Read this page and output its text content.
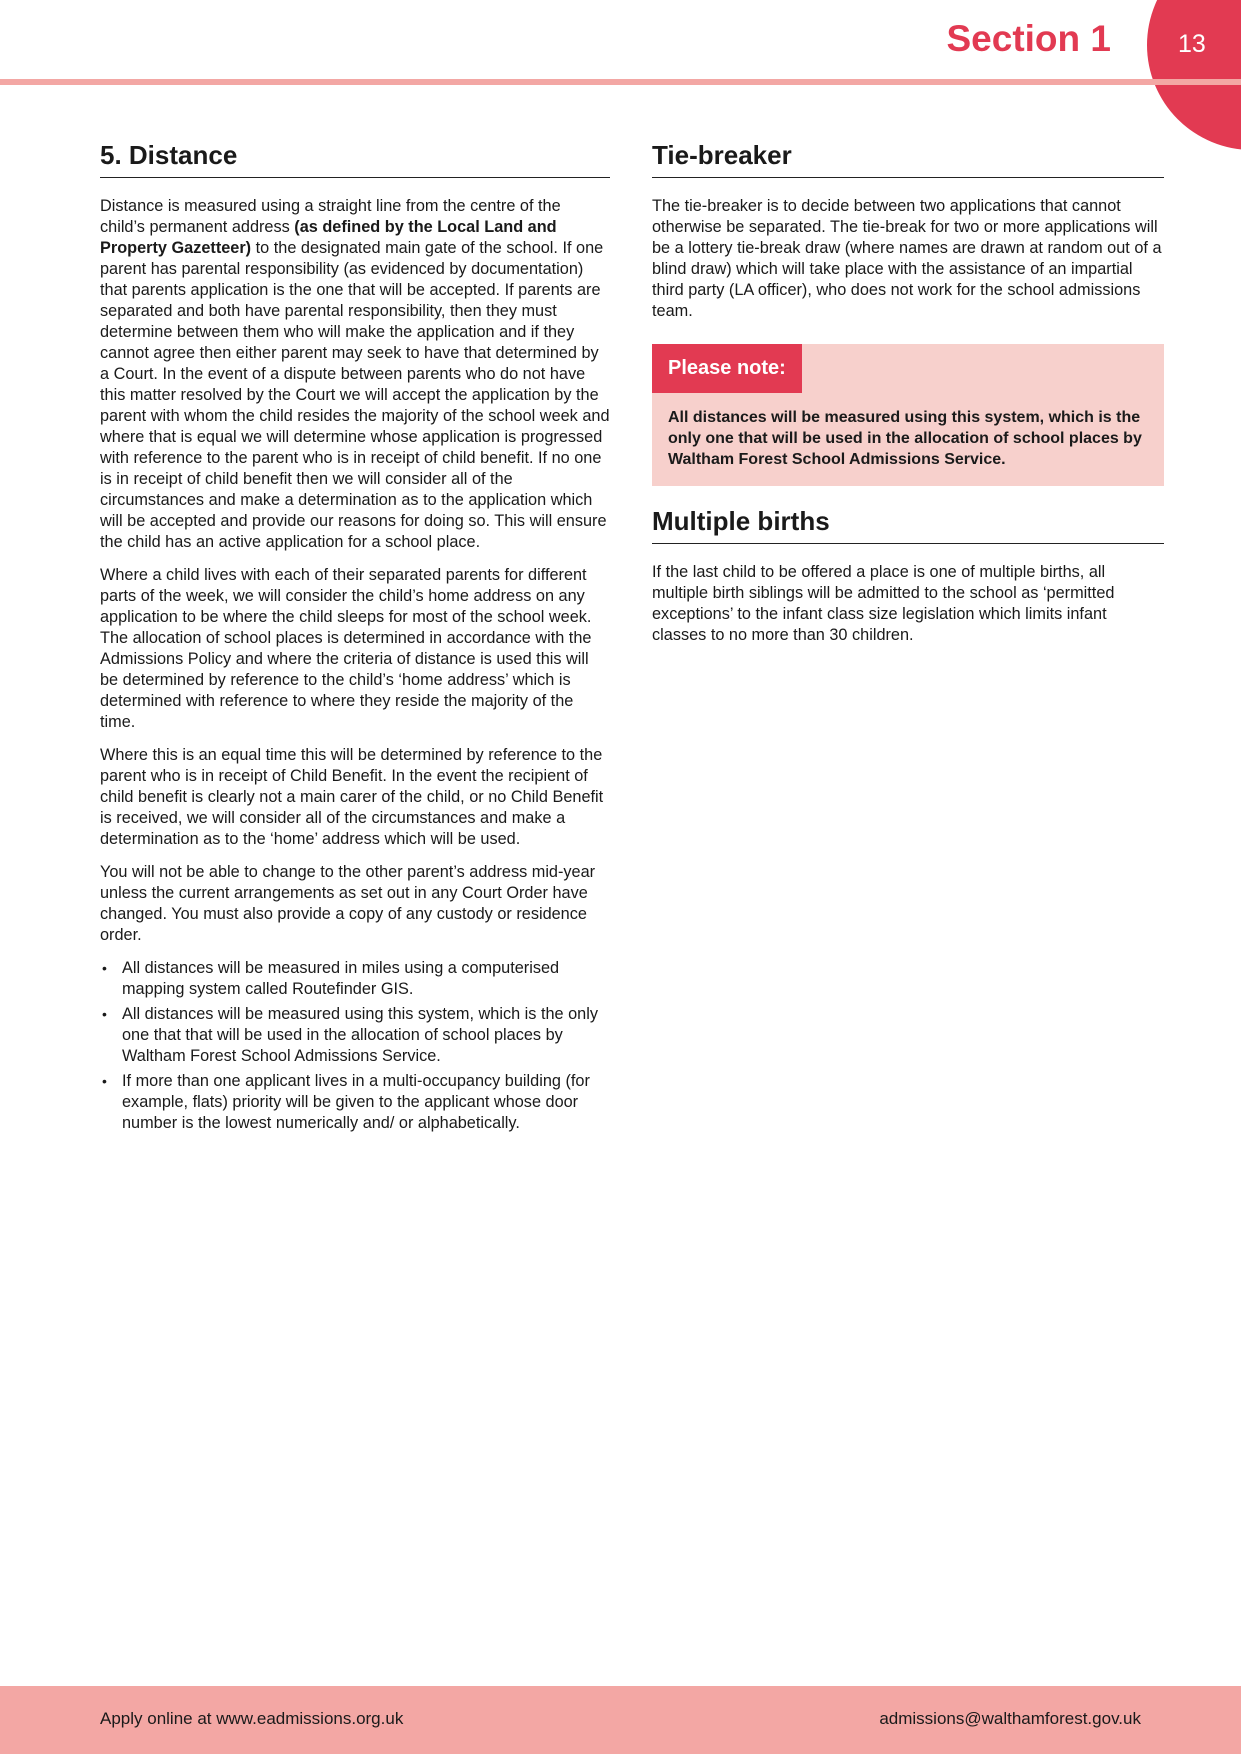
13
Section 1
5. Distance

Distance is measured using a straight line from the centre of the child’s permanent address (as defined by the Local Land and Property Gazetteer) to the designated main gate of the school. If one parent has parental responsibility (as evidenced by documentation) that parents application is the one that will be accepted. If parents are separated and both have parental responsibility, then they must determine between them who will make the application and if they cannot agree then either parent may seek to have that determined by a Court. In the event of a dispute between parents who do not have this matter resolved by the Court we will accept the application by the parent with whom the child resides the majority of the school week and where that is equal we will determine whose application is progressed with reference to the parent who is in receipt of child benefit. If no one is in receipt of child benefit then we will consider all of the circumstances and make a determination as to the application which will be accepted and provide our reasons for doing so. This will ensure the child has an active application for a school place.

Where a child lives with each of their separated parents for different parts of the week, we will consider the child’s home address on any application to be where the child sleeps for most of the school week. The allocation of school places is determined in accordance with the Admissions Policy and where the criteria of distance is used this will be determined by reference to the child’s ‘home address’ which is determined with reference to where they reside the majority of the time.

Where this is an equal time this will be determined by reference to the parent who is in receipt of Child Benefit. In the event the recipient of child benefit is clearly not a main carer of the child, or no Child Benefit is received, we will consider all of the circumstances and make a determination as to the ‘home’ address which will be used.

You will not be able to change to the other parent’s address mid-year unless the current arrangements as set out in any Court Order have changed. You must also provide a copy of any custody or residence order.

• All distances will be measured in miles using a computerised mapping system called Routefinder GIS.
• All distances will be measured using this system, which is the only one that that will be used in the allocation of school places by Waltham Forest School Admissions Service.
• If more than one applicant lives in a multi-occupancy building (for example, flats) priority will be given to the applicant whose door number is the lowest numerically and/ or alphabetically.
Tie-breaker

The tie-breaker is to decide between two applications that cannot otherwise be separated. The tie-break for two or more applications will be a lottery tie-break draw (where names are drawn at random out of a blind draw) which will take place with the assistance of an impartial third party (LA officer), who does not work for the school admissions team.

Please note:
All distances will be measured using this system, which is the only one that will be used in the allocation of school places by Waltham Forest School Admissions Service.
Multiple births

If the last child to be offered a place is one of multiple births, all multiple birth siblings will be admitted to the school as ‘permitted exceptions’ to the infant class size legislation which limits infant classes to no more than 30 children.

Apply online at www.eadmissions.org.uk	admissions@walthamforest.gov.uk
